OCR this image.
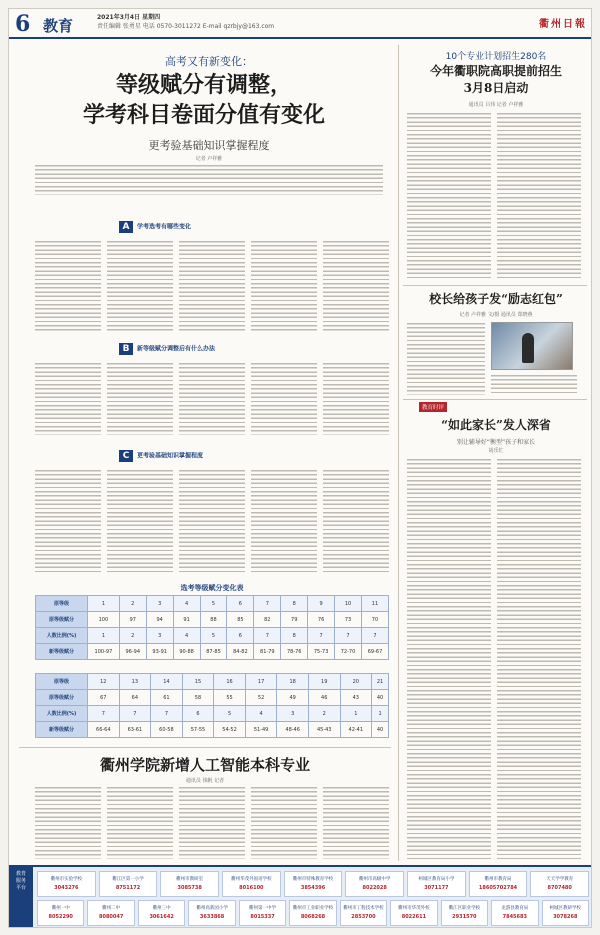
6 教育	2021年3月4日 星期四
责任编辑 张勇星 电话 0570-3011272 E-mail qzrbjy@163.com	衢州日報
高考又有新变化：
等级赋分有调整，
学考科目卷面分值有变化
更考验基础知识掌握程度
记者 卢祥雅
A 学考选考有哪些变化
B 新等级赋分调整后有什么办法
C 更考验基础知识掌握程度
选考等级赋分变化表
原等级	1	2	3	4	5	6	7	8	9	10	11
原等级赋分	100	97	94	91	88	85	82	79	76	73	70
人数比例(%)	1	2	3	4	5	6	7	8	7	7	7
新等级赋分	100-97	96-94	93-91	90-88	87-85	84-82	81-79	78-76	75-73	72-70	69-67
原等级	12	13	14	15	16	17	18	19	20	21
原等级赋分	67	64	61	58	55	52	49	46	43	40
人数比例(%)	7	7	7	6	5	4	3	2	1	1
新等级赋分	66-64	63-61	60-58	57-55	54-52	51-49	48-46	45-43	42-41	40
衢州学院新增人工智能本科专业
通讯员 钱帆 记者
10个专业计划招生280名
今年衢职院高职提前招生
3月8日启动
通讯员 吕伟 记者 卢祥雅
校长给孩子发“励志红包”
记者 卢祥雅 文/摄 通讯员 郑晓燕
教育时评
“如此家长”发人深省
别让辅导好“衡型”孩子和家长
胡乐忙
教育服务平台
衢州市实验学校
3043276
衢江区第一小学
8751172
衢州市教研室
3085738
衢州华茂外国语学校
8016100
衢州市特殊教育学校
3854396
衢州市高级中学
8022028
柯城区教育局小学
3071177
衢州市教育局
18605702784
天天学学教育
8707480
衢州一中
8052290
衢州二中
8080047
衢州三中
3061642
衢州高新园小学
3633868
衢州第一中学
8015337
衢州市工业职业学校
8068268
衢州市工程技术学校
2853700
衢州市华茂外校
8022611
衢江区职业学校
2931570
龙游县教育局
7845683
柯城区教研学校
3078268
